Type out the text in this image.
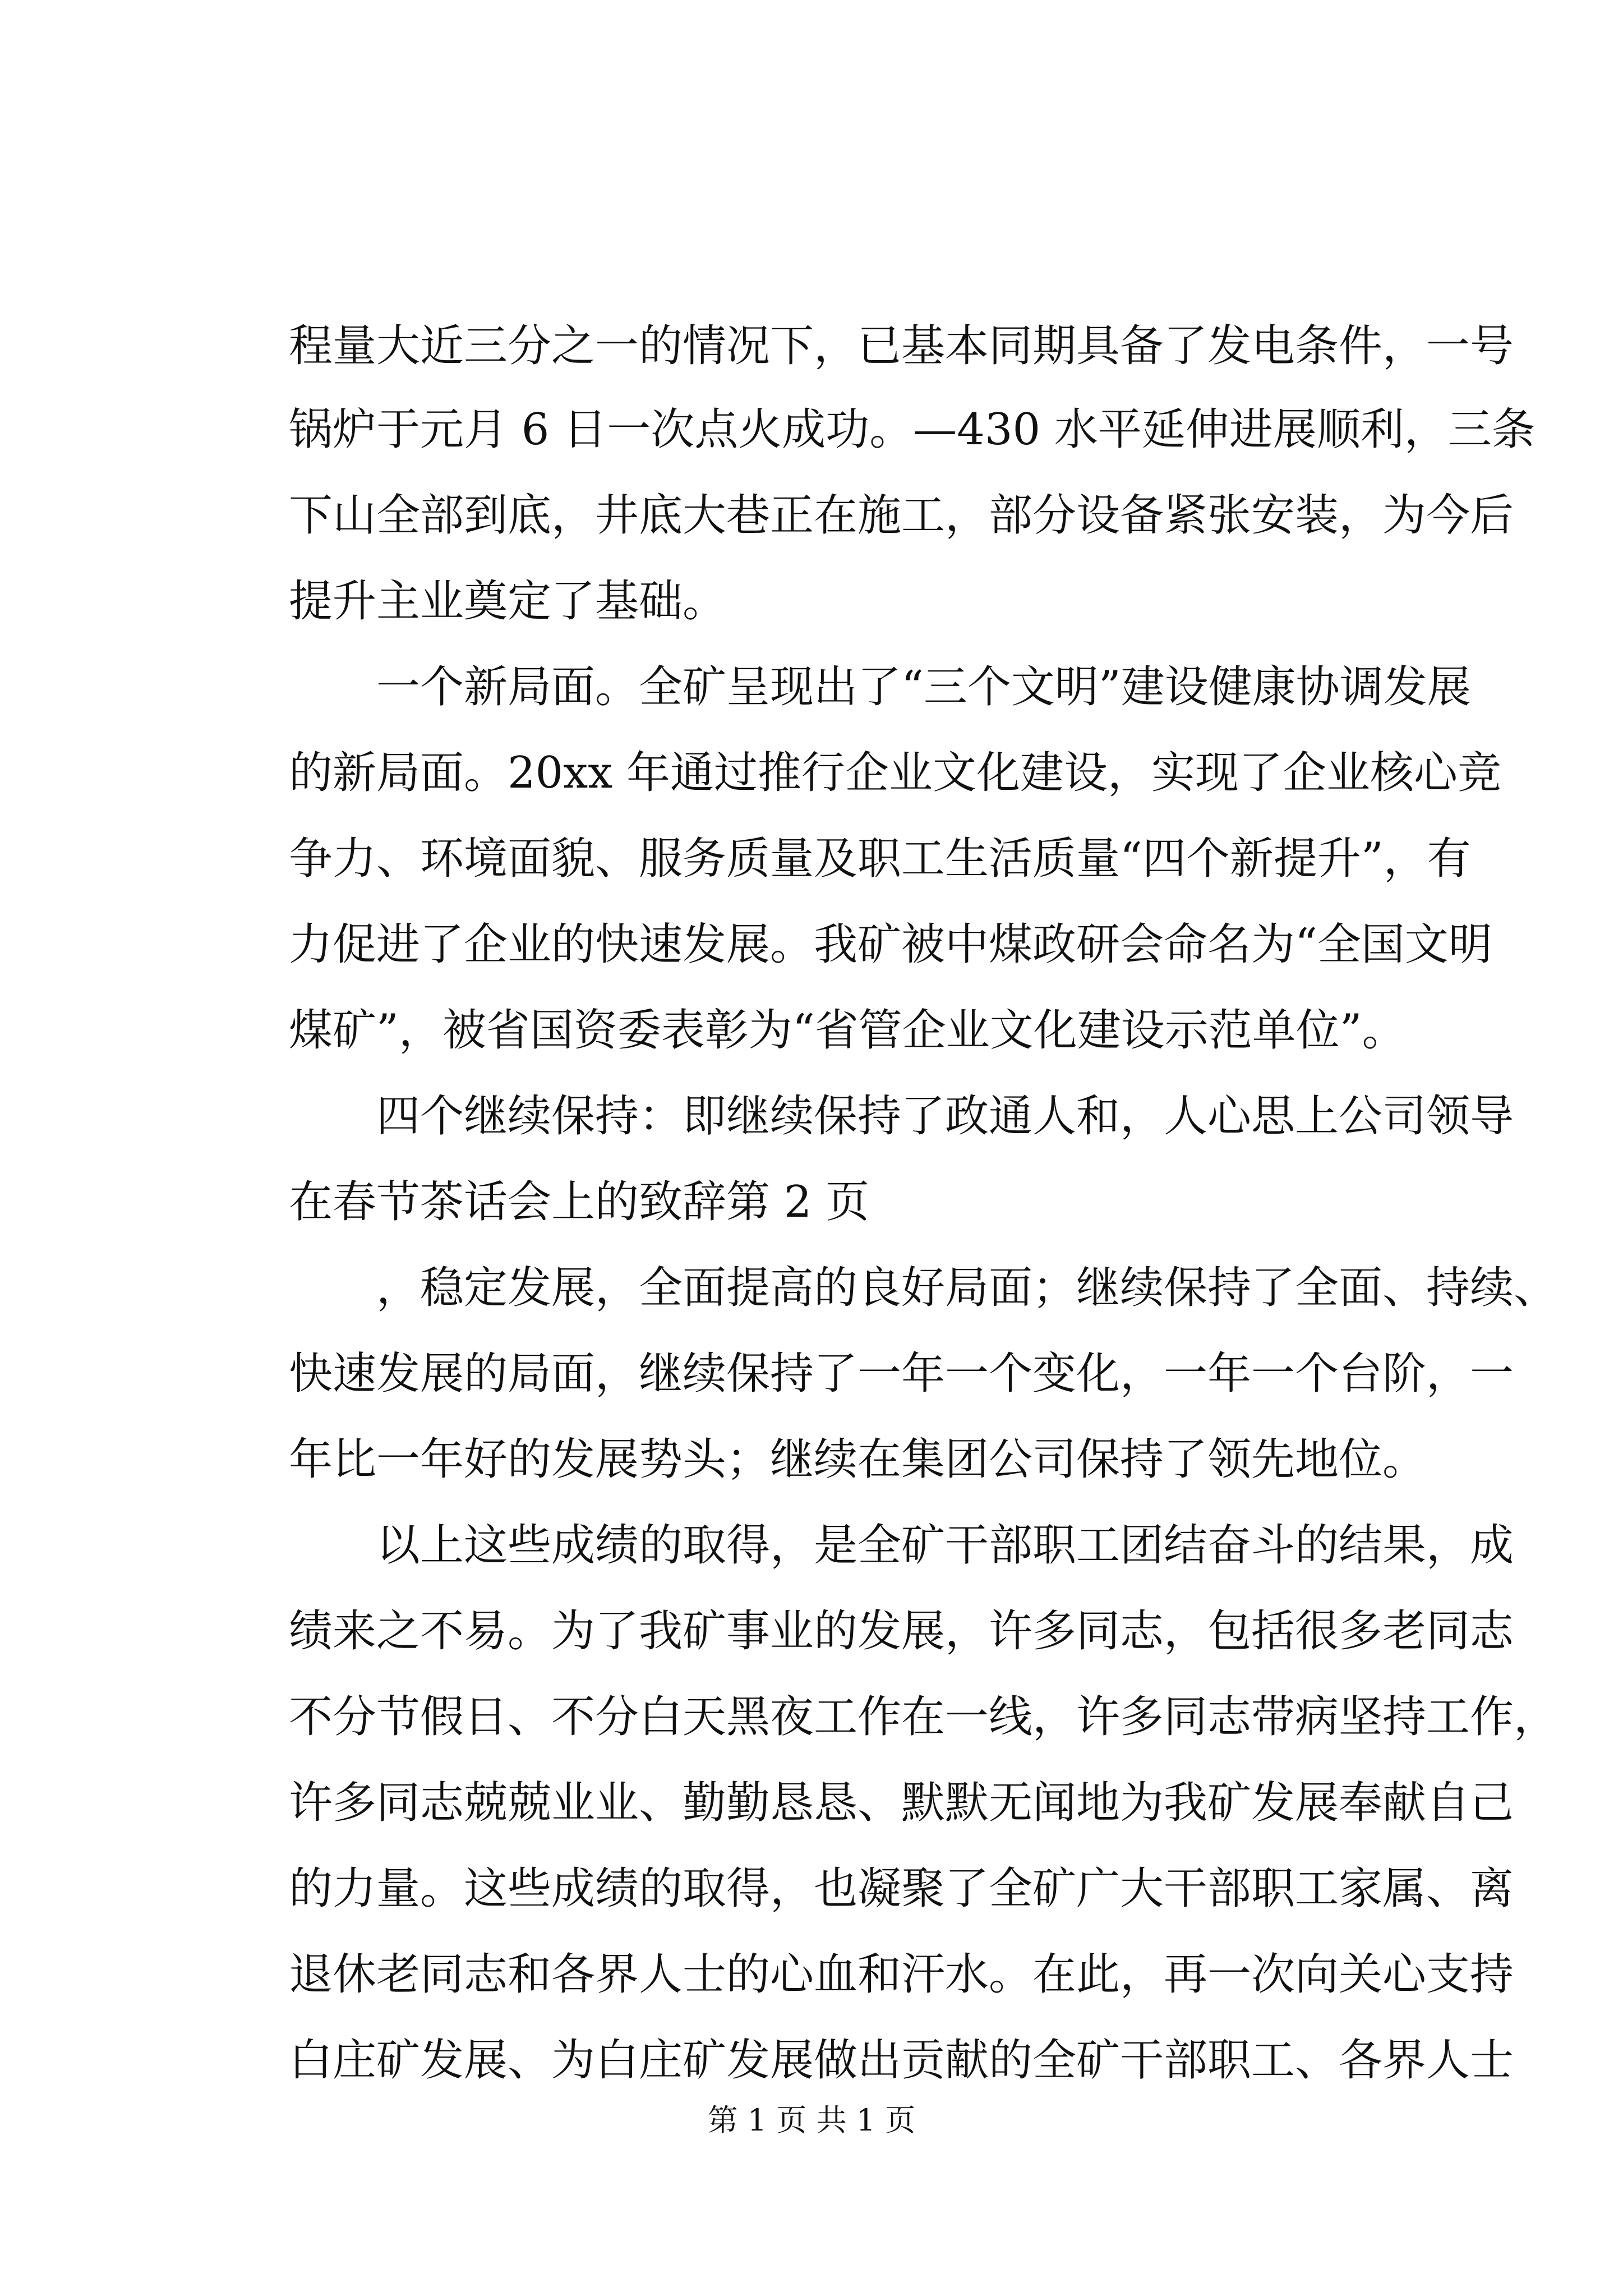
程量大近三分之一的情况下，已基本同期具备了发电条件，一号
锅炉于元月 6 日一次点火成功。—430 水平延伸进展顺利，三条
下山全部到底，井底大巷正在施工，部分设备紧张安装，为今后
提升主业奠定了基础。
一个新局面。全矿呈现出了“三个文明”建设健康协调发展
的新局面。20xx 年通过推行企业文化建设，实现了企业核心竞
争力、环境面貌、服务质量及职工生活质量“四个新提升”，有
力促进了企业的快速发展。我矿被中煤政研会命名为“全国文明
煤矿”，被省国资委表彰为“省管企业文化建设示范单位”。
四个继续保持：即继续保持了政通人和，人心思上公司领导
在春节茶话会上的致辞第 2 页
，稳定发展，全面提高的良好局面；继续保持了全面、持续、
快速发展的局面，继续保持了一年一个变化，一年一个台阶，一
年比一年好的发展势头；继续在集团公司保持了领先地位。
以上这些成绩的取得，是全矿干部职工团结奋斗的结果，成
绩来之不易。为了我矿事业的发展，许多同志，包括很多老同志
不分节假日、不分白天黑夜工作在一线，许多同志带病坚持工作，
许多同志兢兢业业、勤勤恳恳、默默无闻地为我矿发展奉献自己
的力量。这些成绩的取得，也凝聚了全矿广大干部职工家属、离
退休老同志和各界人士的心血和汗水。在此，再一次向关心支持
白庄矿发展、为白庄矿发展做出贡献的全矿干部职工、各界人士
第 1 页 共 1 页
